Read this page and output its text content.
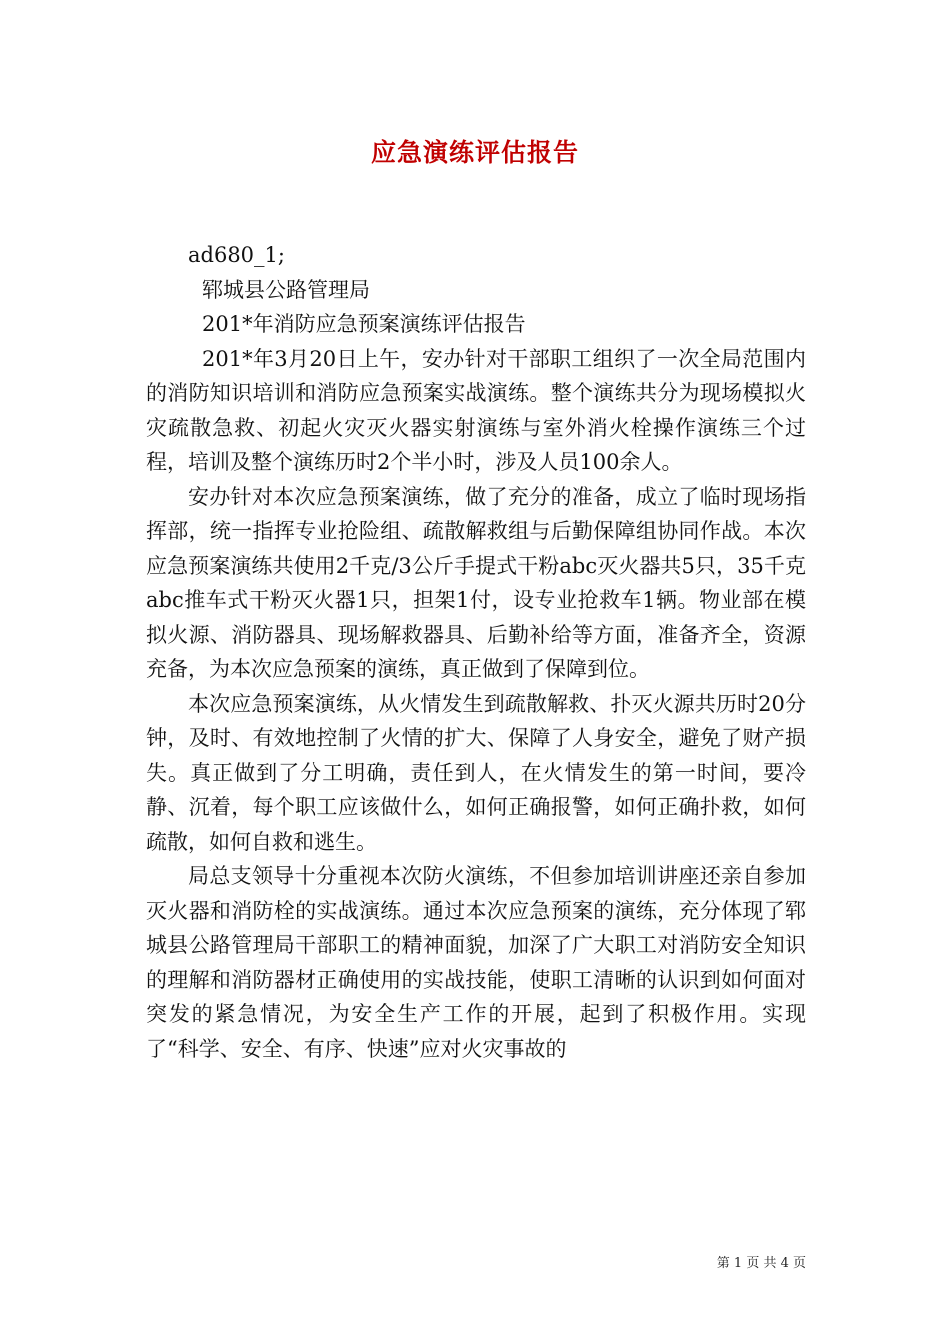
应急演练评估报告
ad680_1;
郓城县公路管理局
201*年消防应急预案演练评估报告

201*年3月20日上午，安办针对干部职工组织了一次全局范围内的消防知识培训和消防应急预案实战演练。整个演练共分为现场模拟火灾疏散急救、初起火灾灭火器实射演练与室外消火栓操作演练三个过程，培训及整个演练历时2个半小时，涉及人员100余人。

安办针对本次应急预案演练，做了充分的准备，成立了临时现场指挥部，统一指挥专业抢险组、疏散解救组与后勤保障组协同作战。本次应急预案演练共使用2千克/3公斤手提式干粉abc灭火器共5只，35千克abc推车式干粉灭火器1只，担架1付，设专业抢救车1辆。物业部在模拟火源、消防器具、现场解救器具、后勤补给等方面，准备齐全，资源充备，为本次应急预案的演练，真正做到了保障到位。

本次应急预案演练，从火情发生到疏散解救、扑灭火源共历时20分钟，及时、有效地控制了火情的扩大、保障了人身安全，避免了财产损失。真正做到了分工明确，责任到人，在火情发生的第一时间，要冷静、沉着，每个职工应该做什么，如何正确报警，如何正确扑救，如何疏散，如何自救和逃生。

局总支领导十分重视本次防火演练，不但参加培训讲座还亲自参加灭火器和消防栓的实战演练。通过本次应急预案的演练，充分体现了郓城县公路管理局干部职工的精神面貌，加深了广大职工对消防安全知识的理解和消防器材正确使用的实战技能，使职工清晰的认识到如何面对突发的紧急情况，为安全生产工作的开展，起到了积极作用。实现了“科学、安全、有序、快速”应对火灾事故的

第 1 页 共 4 页
